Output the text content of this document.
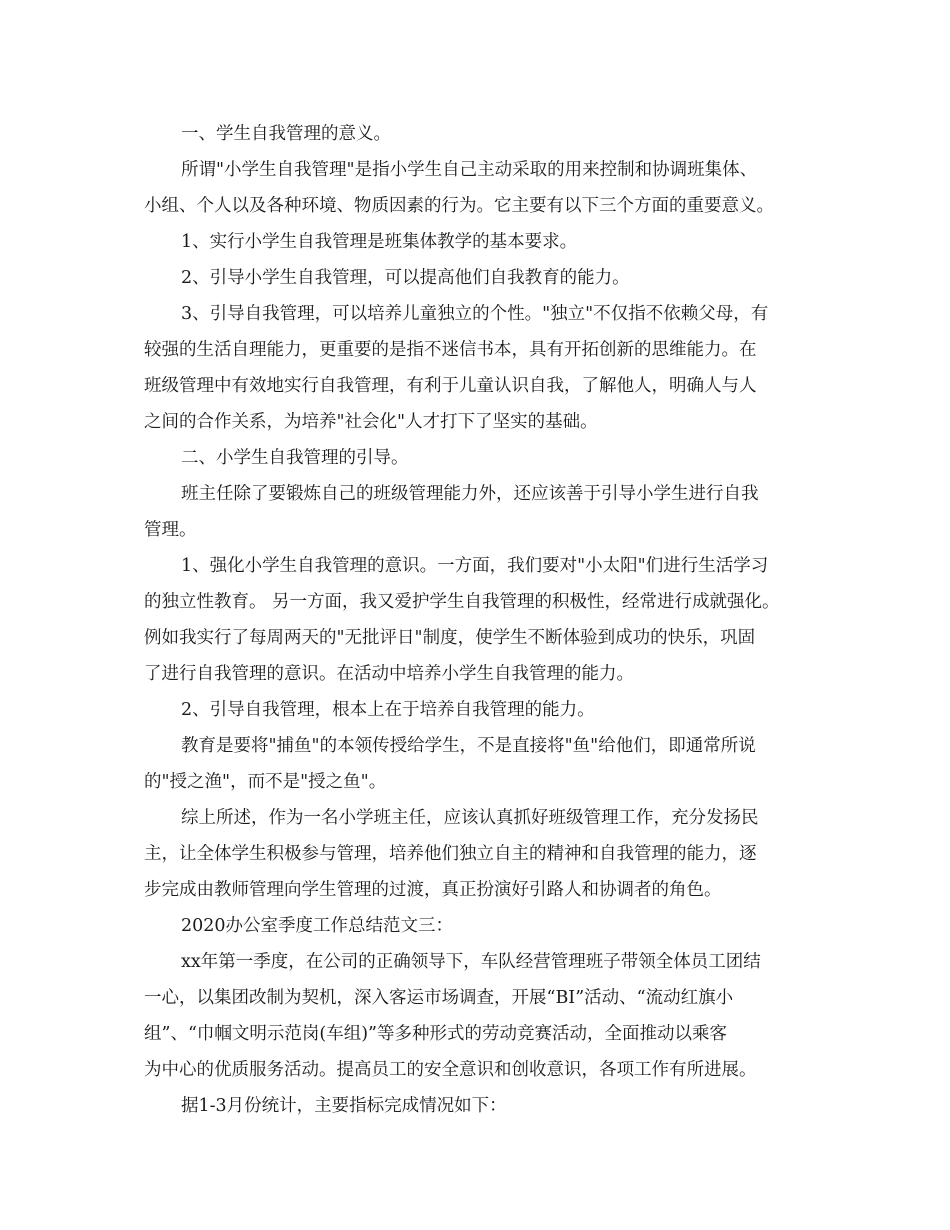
一、学生自我管理的意义。
所谓"小学生自我管理"是指小学生自己主动采取的用来控制和协调班集体、
小组、个人以及各种环境、物质因素的行为。它主要有以下三个方面的重要意义。
1、实行小学生自我管理是班集体教学的基本要求。
2、引导小学生自我管理，可以提高他们自我教育的能力。
3、引导自我管理，可以培养儿童独立的个性。"独立"不仅指不依赖父母，有
较强的生活自理能力，更重要的是指不迷信书本，具有开拓创新的思维能力。在
班级管理中有效地实行自我管理，有利于儿童认识自我，了解他人，明确人与人
之间的合作关系，为培养"社会化"人才打下了坚实的基础。
二、小学生自我管理的引导。
班主任除了要锻炼自己的班级管理能力外，还应该善于引导小学生进行自我
管理。
1、强化小学生自我管理的意识。一方面，我们要对"小太阳"们进行生活学习
的独立性教育。 另一方面，我又爱护学生自我管理的积极性，经常进行成就强化。
例如我实行了每周两天的"无批评日"制度，使学生不断体验到成功的快乐，巩固
了进行自我管理的意识。在活动中培养小学生自我管理的能力。
2、引导自我管理，根本上在于培养自我管理的能力。
教育是要将"捕鱼"的本领传授给学生，不是直接将"鱼"给他们，即通常所说
的"授之渔"，而不是"授之鱼"。
综上所述，作为一名小学班主任，应该认真抓好班级管理工作，充分发扬民
主，让全体学生积极参与管理，培养他们独立自主的精神和自我管理的能力，逐
步完成由教师管理向学生管理的过渡，真正扮演好引路人和协调者的角色。
2020办公室季度工作总结范文三：
xx年第一季度，在公司的正确领导下，车队经营管理班子带领全体员工团结
一心，以集团改制为契机，深入客运市场调查，开展“BI”活动、“流动红旗小
组”、“巾帼文明示范岗(车组)”等多种形式的劳动竞赛活动，全面推动以乘客
为中心的优质服务活动。提高员工的安全意识和创收意识，各项工作有所进展。
据1-3月份统计，主要指标完成情况如下：
